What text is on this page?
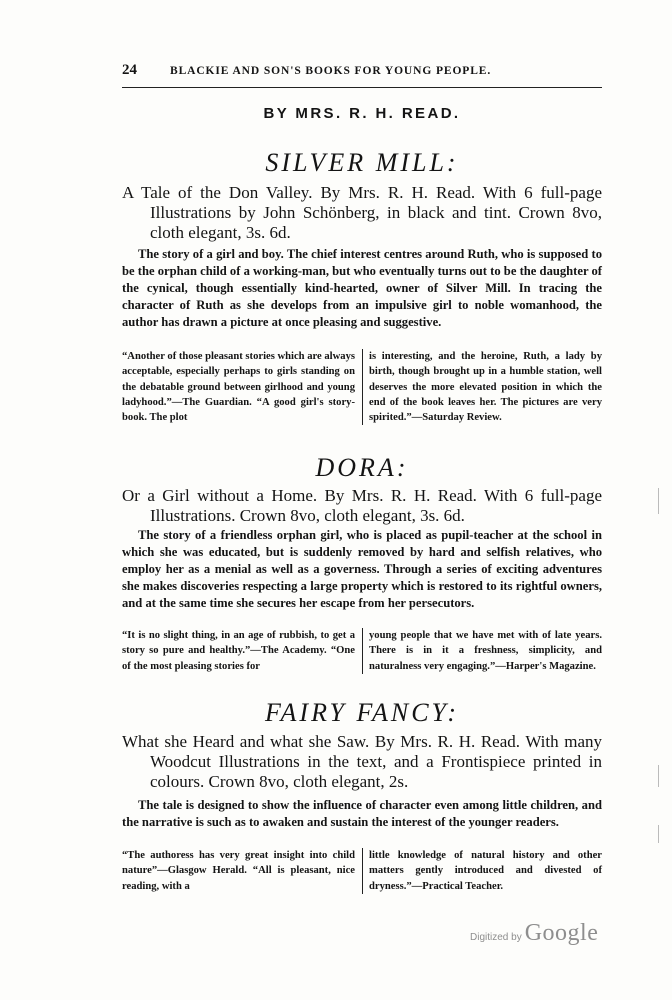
24	BLACKIE AND SON'S BOOKS FOR YOUNG PEOPLE.
BY MRS. R. H. READ.
SILVER MILL:

A Tale of the Don Valley. By Mrs. R. H. Read. With 6 full-page Illustrations by John Schönberg, in black and tint. Crown 8vo, cloth elegant, 3s. 6d.

The story of a girl and boy. The chief interest centres around Ruth, who is supposed to be the orphan child of a working-man, but who eventually turns out to be the daughter of the cynical, though essentially kind-hearted, owner of Silver Mill. In tracing the character of Ruth as she develops from an impulsive girl to noble womanhood, the author has drawn a picture at once pleasing and suggestive.

“Another of those pleasant stories which are always acceptable, especially perhaps to girls standing on the debatable ground between girlhood and young ladyhood.”—The Guardian. “A good girl's story-book. The plot
is interesting, and the heroine, Ruth, a lady by birth, though brought up in a humble station, well deserves the more elevated position in which the end of the book leaves her. The pictures are very spirited.”—Saturday Review.
DORA:

Or a Girl without a Home. By Mrs. R. H. Read. With 6 full-page Illustrations. Crown 8vo, cloth elegant, 3s. 6d.

The story of a friendless orphan girl, who is placed as pupil-teacher at the school in which she was educated, but is suddenly removed by hard and selfish relatives, who employ her as a menial as well as a governess. Through a series of exciting adventures she makes discoveries respecting a large property which is restored to its rightful owners, and at the same time she secures her escape from her persecutors.

“It is no slight thing, in an age of rubbish, to get a story so pure and healthy.”—The Academy. “One of the most pleasing stories for
young people that we have met with of late years. There is in it a freshness, simplicity, and naturalness very engaging.”—Harper's Magazine.
FAIRY FANCY:

What she Heard and what she Saw. By Mrs. R. H. Read. With many Woodcut Illustrations in the text, and a Frontispiece printed in colours. Crown 8vo, cloth elegant, 2s.

The tale is designed to show the influence of character even among little children, and the narrative is such as to awaken and sustain the interest of the younger readers.

“The authoress has very great insight into child nature”—Glasgow Herald. “All is pleasant, nice reading, with a
little knowledge of natural history and other matters gently introduced and divested of dryness.”—Practical Teacher.
Digitized by Google
